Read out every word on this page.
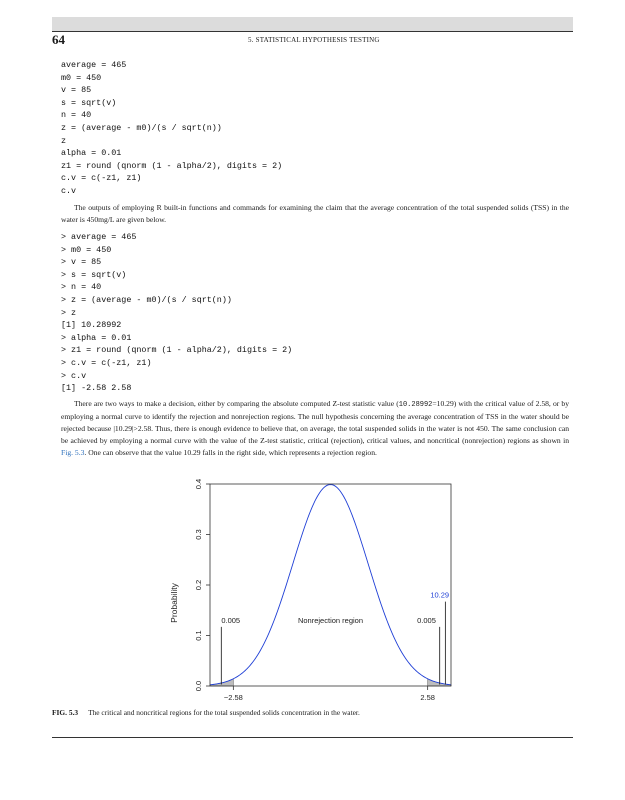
64	5. STATISTICAL HYPOTHESIS TESTING
average = 465
m0 = 450
v = 85
s = sqrt(v)
n = 40
z = (average - m0)/(s / sqrt(n))
z
alpha = 0.01
z1 = round (qnorm (1 - alpha/2), digits = 2)
c.v = c(-z1, z1)
c.v

The outputs of employing R built-in functions and commands for examining the claim that the average concentration of the total suspended solids (TSS) in the water is 450mg/L are given below.

> average = 465
> m0 = 450
> v = 85
> s = sqrt(v)
> n = 40
> z = (average - m0)/(s / sqrt(n))
> z
[1] 10.28992
> alpha = 0.01
> z1 = round (qnorm (1 - alpha/2), digits = 2)
> c.v = c(-z1, z1)
> c.v
[1] -2.58 2.58

There are two ways to make a decision, either by comparing the absolute computed Z-test statistic value (10.28992=10.29) with the critical value of 2.58, or by employing a normal curve to identify the rejection and nonrejection regions. The null hypothesis concerning the average concentration of TSS in the water should be rejected because |10.29|>2.58. Thus, there is enough evidence to believe that, on average, the total suspended solids in the water is not 450. The same conclusion can be achieved by employing a normal curve with the value of the Z-test statistic, critical (rejection), critical values, and noncritical (nonrejection) regions as shown in Fig. 5.3. One can observe that the value 10.29 falls in the right side, which represents a rejection region.

0.0
0.1
0.2
0.3
0.4
Probability
−2.58	2.58
0.005	Nonrejection region	0.005
10.29
FIG. 5.3 The critical and noncritical regions for the total suspended solids concentration in the water.
